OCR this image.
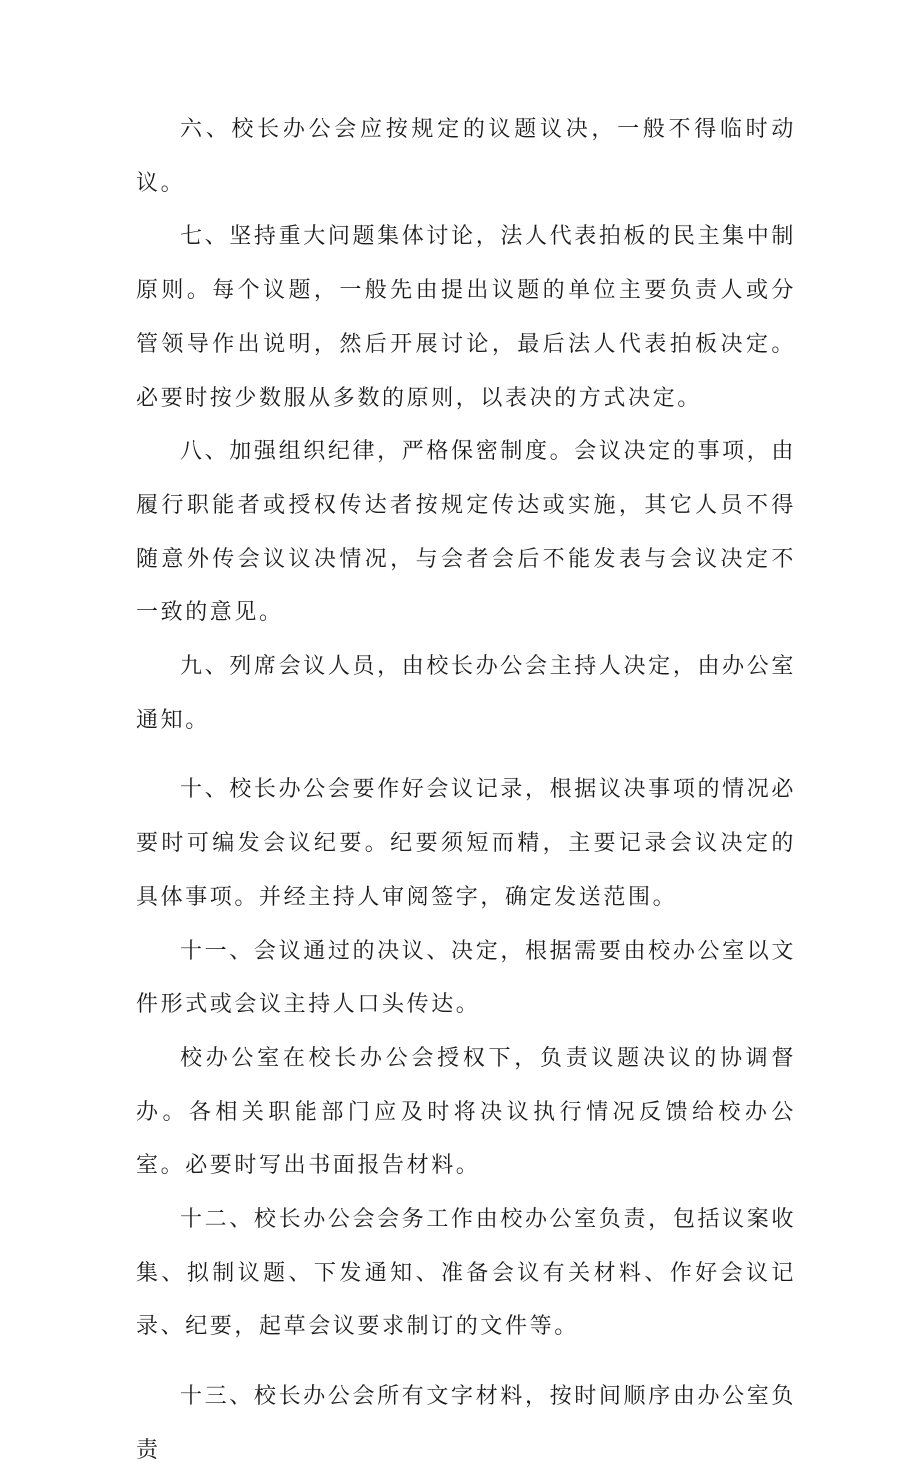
六、校长办公会应按规定的议题议决，一般不得临时动议。

七、坚持重大问题集体讨论，法人代表拍板的民主集中制原则。每个议题，一般先由提出议题的单位主要负责人或分管领导作出说明，然后开展讨论，最后法人代表拍板决定。必要时按少数服从多数的原则，以表决的方式决定。

八、加强组织纪律，严格保密制度。会议决定的事项，由履行职能者或授权传达者按规定传达或实施，其它人员不得随意外传会议议决情况，与会者会后不能发表与会议决定不一致的意见。

九、列席会议人员，由校长办公会主持人决定，由办公室通知。

十、校长办公会要作好会议记录，根据议决事项的情况必要时可编发会议纪要。纪要须短而精，主要记录会议决定的具体事项。并经主持人审阅签字，确定发送范围。

十一、会议通过的决议、决定，根据需要由校办公室以文件形式或会议主持人口头传达。

校办公室在校长办公会授权下，负责议题决议的协调督办。各相关职能部门应及时将决议执行情况反馈给校办公室。必要时写出书面报告材料。

十二、校长办公会会务工作由校办公室负责，包括议案收集、拟制议题、下发通知、准备会议有关材料、作好会议记录、纪要，起草会议要求制订的文件等。

十三、校长办公会所有文字材料，按时间顺序由办公室负责
